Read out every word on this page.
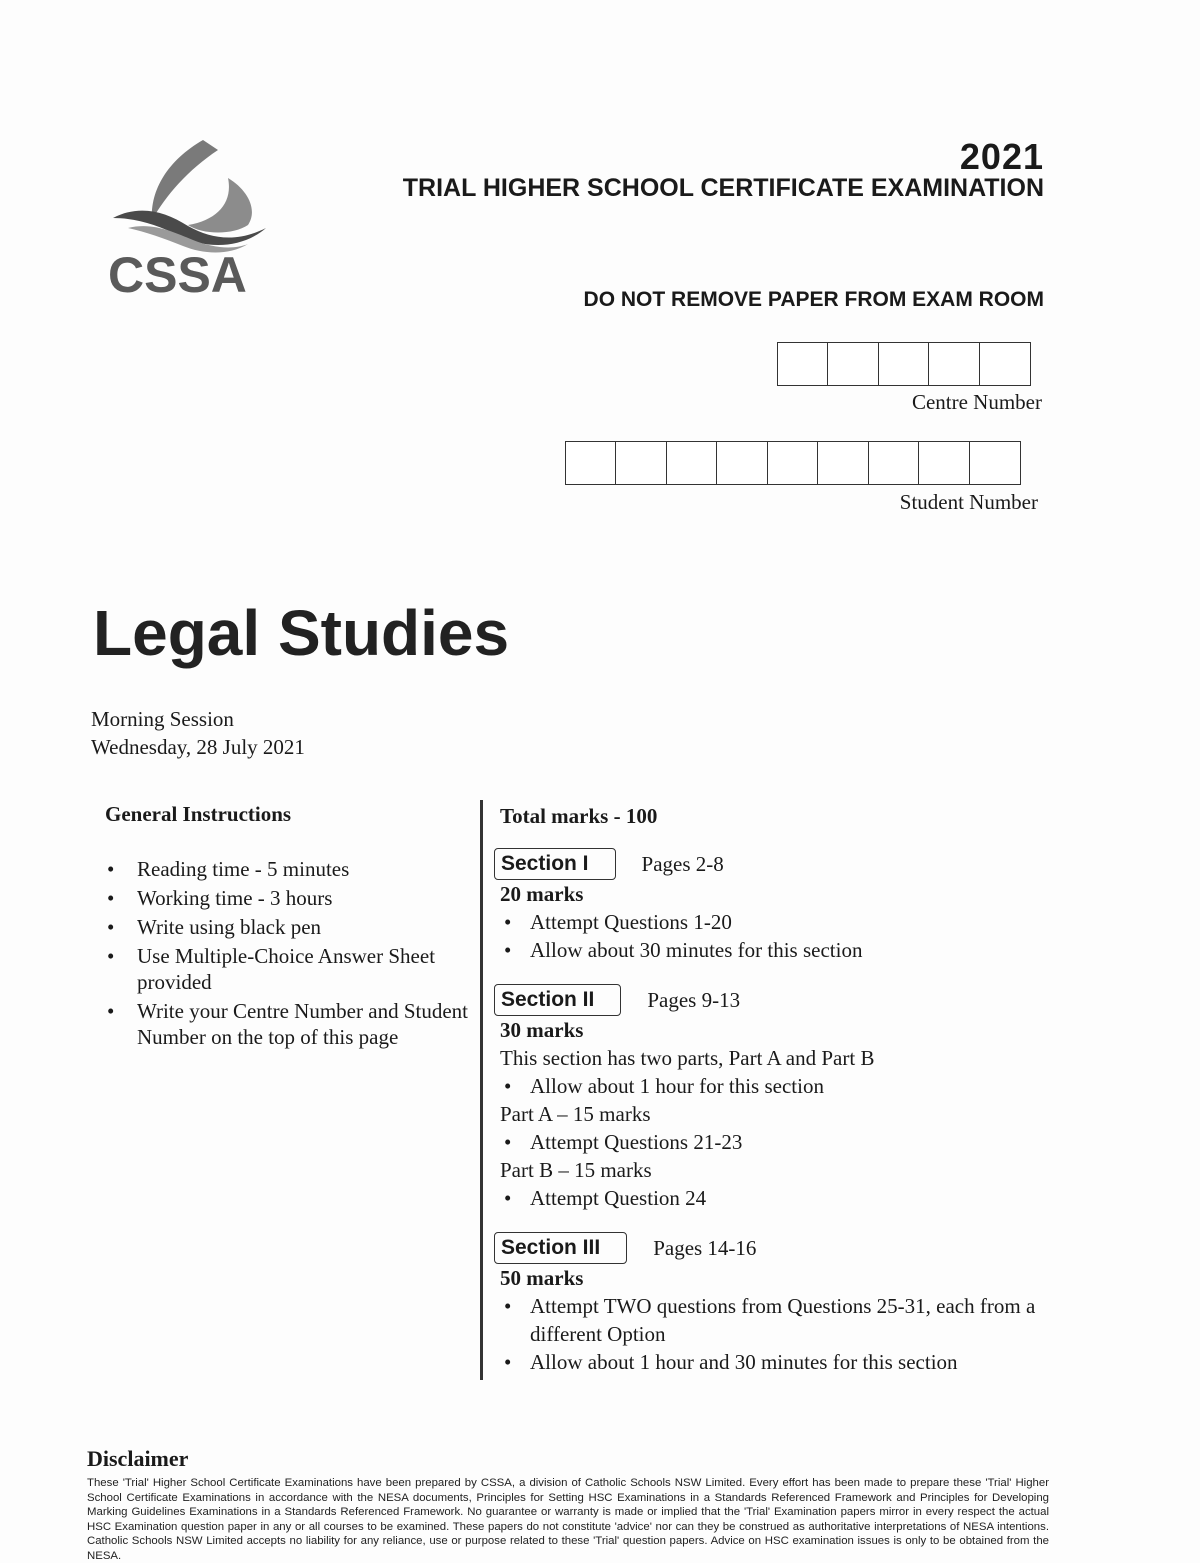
CSSA
2021
TRIAL HIGHER SCHOOL CERTIFICATE EXAMINATION
DO NOT REMOVE PAPER FROM EXAM ROOM
Centre Number
Student Number
Legal Studies
Morning Session
Wednesday, 28 July 2021
General Instructions
• Reading time - 5 minutes
• Working time - 3 hours
• Write using black pen
• Use Multiple-Choice Answer Sheet provided
• Write your Centre Number and Student Number on the top of this page
Total marks - 100
Section I	Pages 2-8
20 marks
• Attempt Questions 1-20
• Allow about 30 minutes for this section
Section II	Pages 9-13
30 marks
This section has two parts, Part A and Part B
• Allow about 1 hour for this section
Part A – 15 marks
• Attempt Questions 21-23
Part B – 15 marks
• Attempt Question 24
Section III	Pages 14-16
50 marks
• Attempt TWO questions from Questions 25-31, each from a different Option
• Allow about 1 hour and 30 minutes for this section
Disclaimer
These 'Trial' Higher School Certificate Examinations have been prepared by CSSA, a division of Catholic Schools NSW Limited. Every effort has been made to prepare these 'Trial' Higher School Certificate Examinations in accordance with the NESA documents, Principles for Setting HSC Examinations in a Standards Referenced Framework and Principles for Developing Marking Guidelines Examinations in a Standards Referenced Framework. No guarantee or warranty is made or implied that the 'Trial' Examination papers mirror in every respect the actual HSC Examination question paper in any or all courses to be examined. These papers do not constitute 'advice' nor can they be construed as authoritative interpretations of NESA intentions. Catholic Schools NSW Limited accepts no liability for any reliance, use or purpose related to these 'Trial' question papers. Advice on HSC examination issues is only to be obtained from the NESA.
